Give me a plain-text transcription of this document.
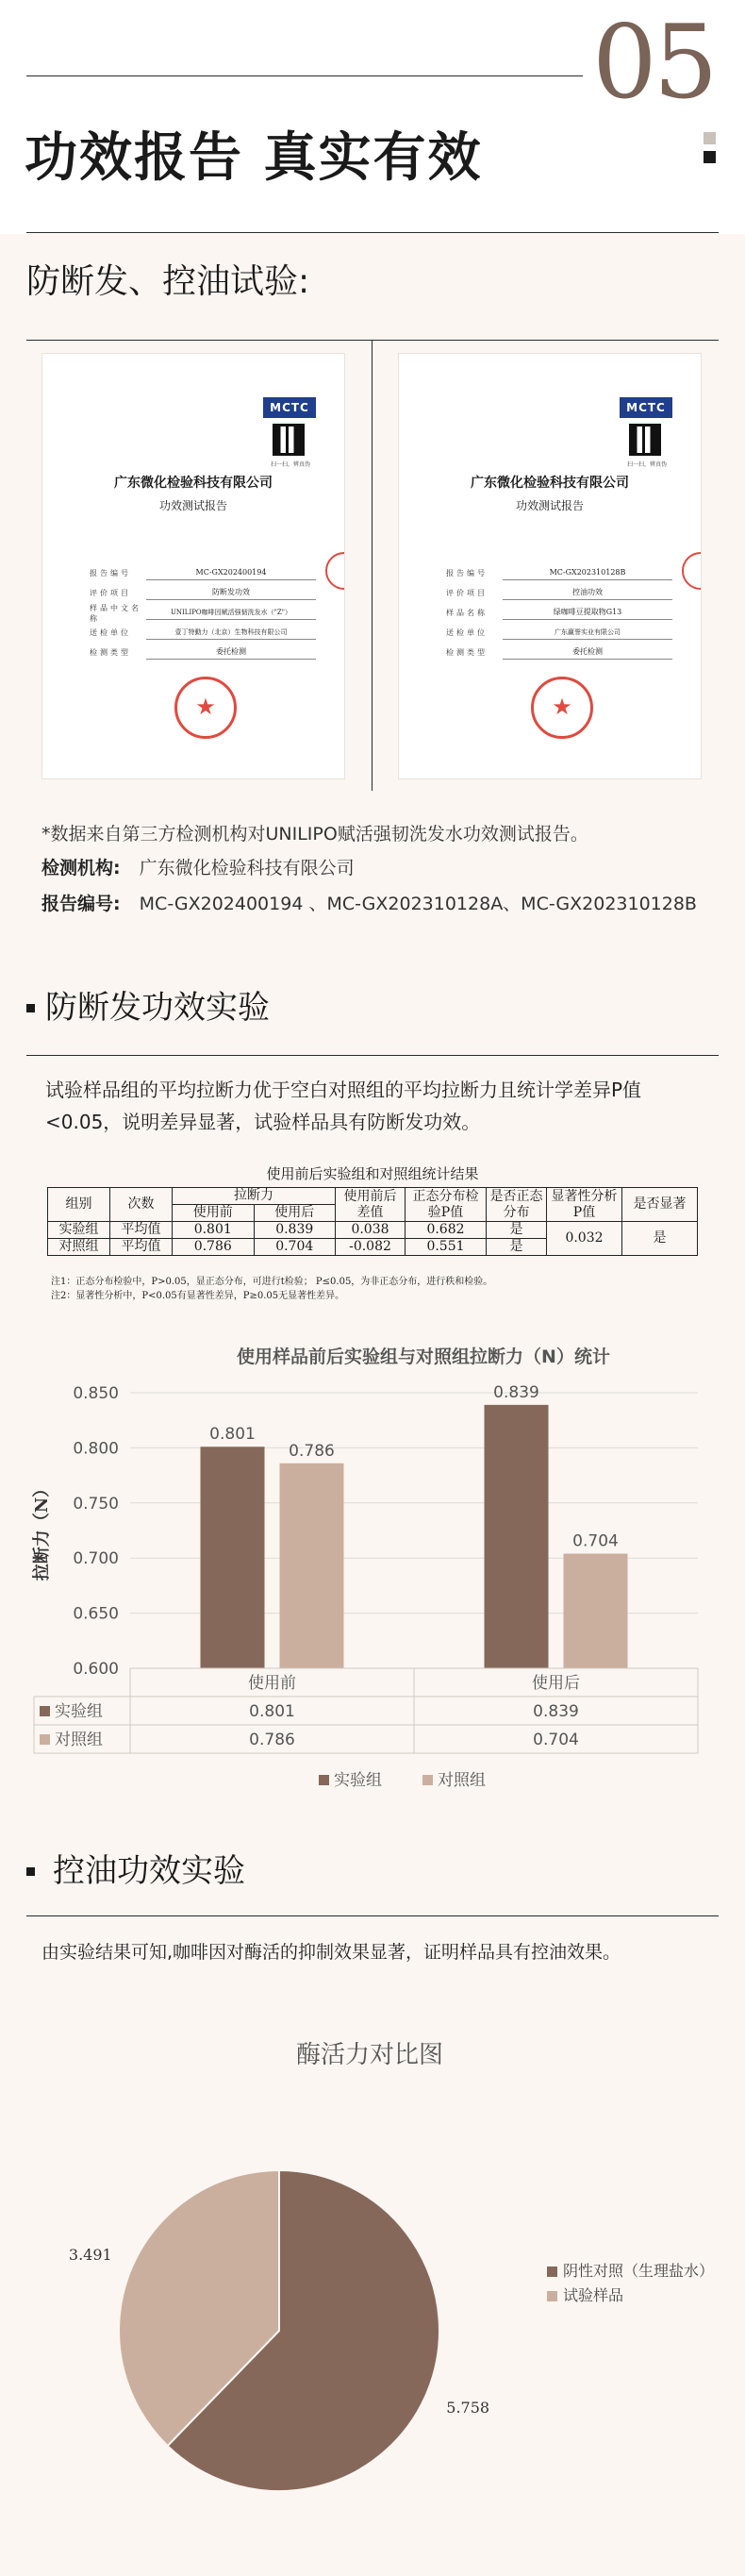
05
功效报告 真实有效
防断发、控油试验:
MCTC
扫一扫，辨真伪
广东微化检验科技有限公司
功效测试报告
报告编号	MC-GX202400194
评价项目	防断发功效
样品中文名称
UNILIPO咖啡因赋活强韧洗发水（"Z"）
送检单位	壹丁特動力（北京）生物科技有限公司
检测类型	委托检测
★
MCTC
扫一扫，辨真伪
广东微化检验科技有限公司
功效测试报告
报告编号	MC-GX202310128B
评价项目	控油功效
样品名称	绿咖啡豆提取物G13
送检单位	广东赢誉实业有限公司
检测类型	委托检测
★
*数据来自第三方检测机构对UNILIPO赋活强韧洗发水功效测试报告。
检测机构: 广东微化检验科技有限公司
报告编号: MC-GX202400194 、MC-GX202310128A、MC-GX202310128B
防断发功效实验
试验样品组的平均拉断力优于空白对照组的平均拉断力且统计学差异P值<0.05，说明差异显著，试验样品具有防断发功效。
使用前后实验组和对照组统计结果
组别	次数	拉断力		使用前后差值	正态分布检验P值	是否正态分布	显著性分析P值	是否显著
		使用前	使用后					
实验组	平均值	0.801	0.839	0.038	0.682	是	0.032	是
对照组	平均值	0.786	0.704	-0.082	0.551	是		
注1：正态分布检验中，P>0.05，显正态分布，可进行t检验； P≤0.05，为非正态分布，进行秩和检验。
注2：显著性分析中，P<0.05有显著性差异，P≥0.05无显著性差异。
使用样品前后实验组与对照组拉断力（N）统计
0.600
0.650
0.700
0.750
0.800
0.850
拉断力（N）
0.801
0.786
0.839
0.704
使用前	使用后
实验组	0.801	0.839
对照组	0.786	0.704
实验组	对照组
控油功效实验
由实验结果可知,咖啡因对酶活的抑制效果显著，证明样品具有控油效果。
酶活力对比图
5.758
3.491
阴性对照（生理盐水）
试验样品
